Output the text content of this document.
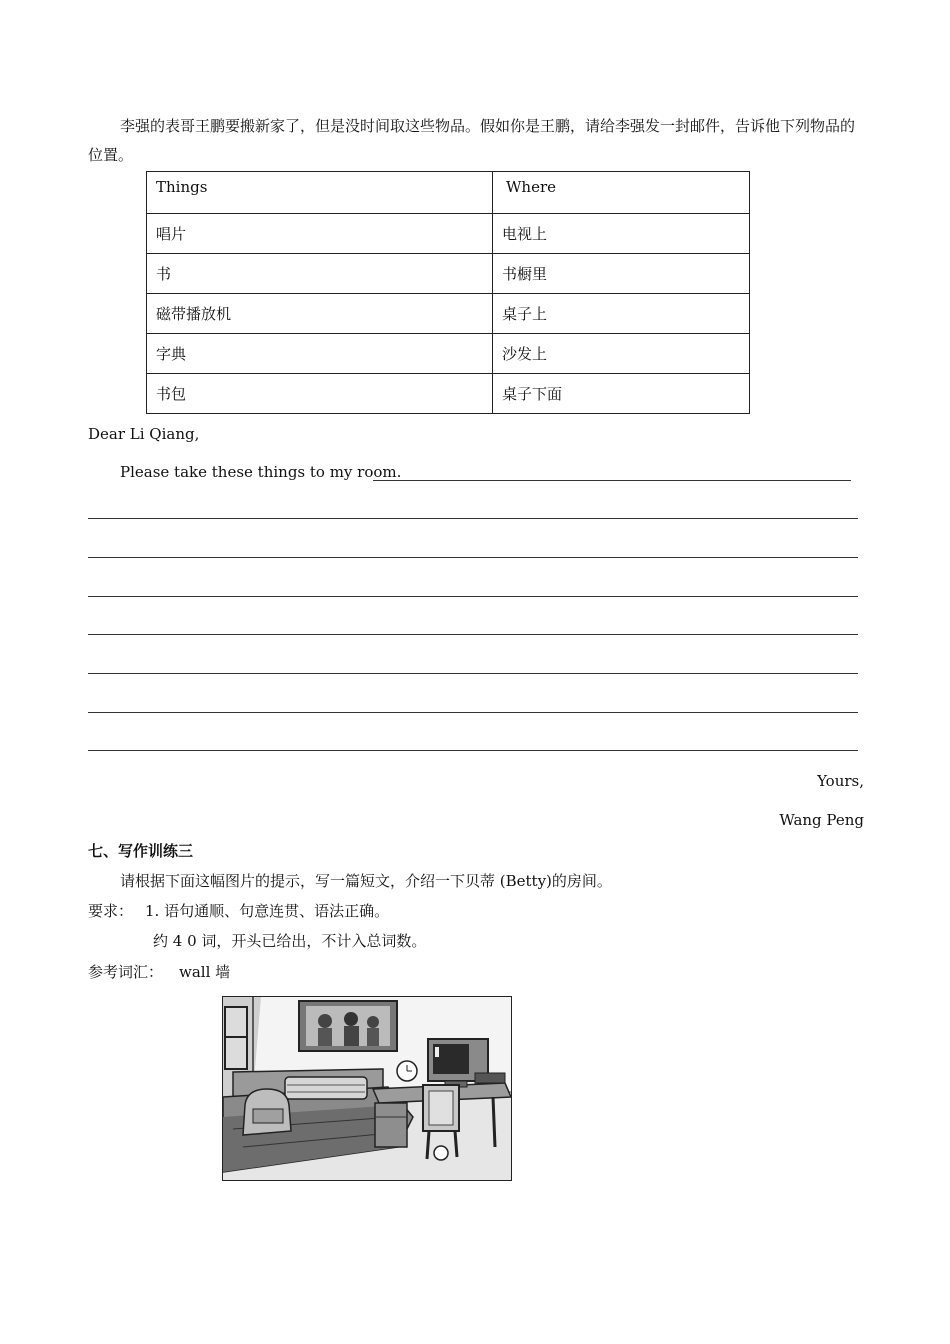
李强的表哥王鹏要搬新家了，但是没时间取这些物品。假如你是王鹏，请给李强发一封邮件，告诉他下列物品的位置。
Things	Where
唱片	电视上
书	书橱里
磁带播放机	桌子上
字典	沙发上
书包	桌子下面
Dear Li Qiang,
Please take these things to my room.
Yours,
Wang Peng
七、写作训练三
请根据下面这幅图片的提示，写一篇短文，介绍一下贝蒂 (Betty)的房间。
要求： 1. 语句通顺、句意连贯、语法正确。
约 4 0 词，开头已给出，不计入总词数。
参考词汇： wall 墙
